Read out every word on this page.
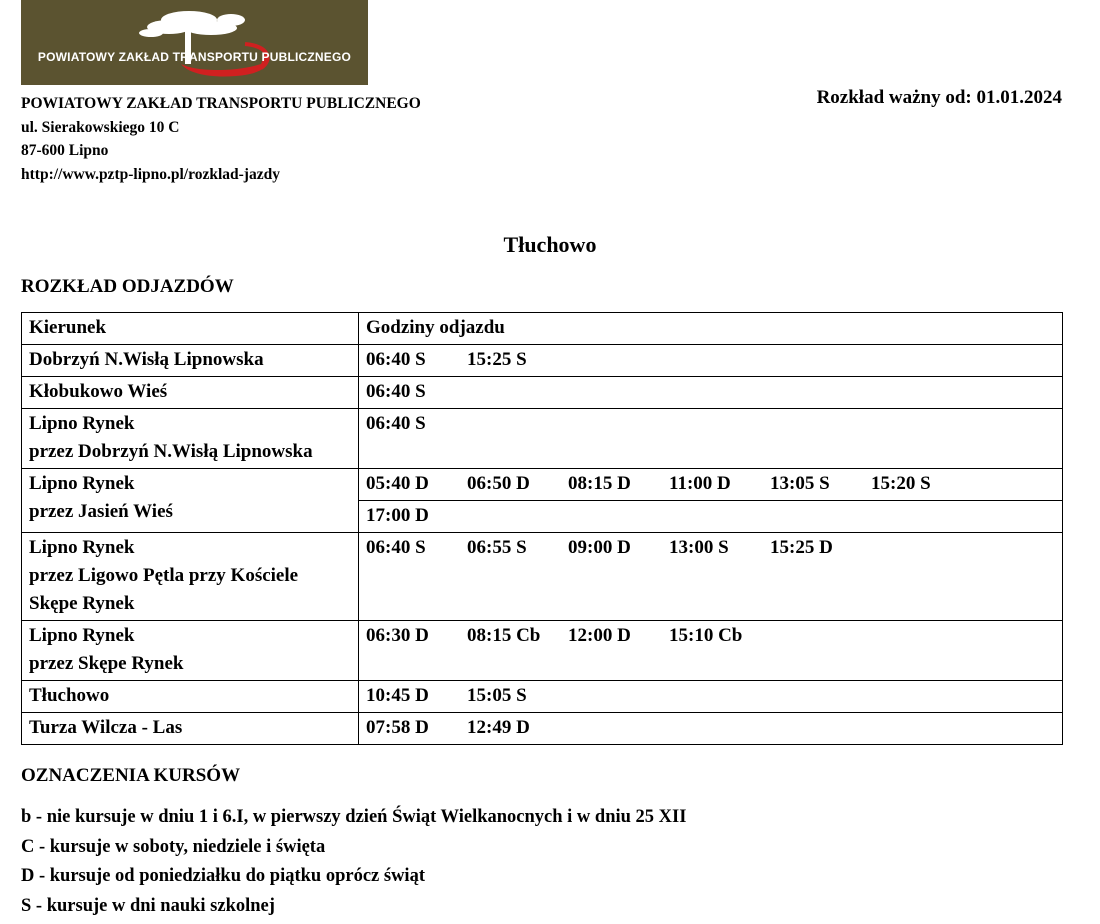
POWIATOWY ZAKŁAD TRANSPORTU PUBLICZNEGO
POWIATOWY ZAKŁAD TRANSPORTU PUBLICZNEGO
ul. Sierakowskiego 10 C
87-600 Lipno
http://www.pztp-lipno.pl/rozklad-jazdy
Rozkład ważny od: 01.01.2024
Tłuchowo
ROZKŁAD ODJAZDÓW
Kierunek	Godziny odjazdu

Dobrzyń N.Wisłą Lipnowska	06:40 S 15:25 S

Kłobukowo Wieś	06:40 S

Lipno Rynek
przez Dobrzyń N.Wisłą Lipnowska	06:40 S

Lipno Rynek
przez Jasień Wieś	05:40 D 06:50 D 08:15 D 11:00 D 13:05 S 15:20 S
	17:00 D

Lipno Rynek
przez Ligowo Pętla przy Kościele
Skępe Rynek	06:40 S 06:55 S 09:00 D 13:00 S 15:25 D

Lipno Rynek
przez Skępe Rynek	06:30 D 08:15 Cb 12:00 D 15:10 Cb

Tłuchowo	10:45 D 15:05 S

Turza Wilcza - Las	07:58 D 12:49 D
OZNACZENIA KURSÓW
b - nie kursuje w dniu 1 i 6.I, w pierwszy dzień Świąt Wielkanocnych i w dniu 25 XII
C - kursuje w soboty, niedziele i święta
D - kursuje od poniedziałku do piątku oprócz świąt
S - kursuje w dni nauki szkolnej
